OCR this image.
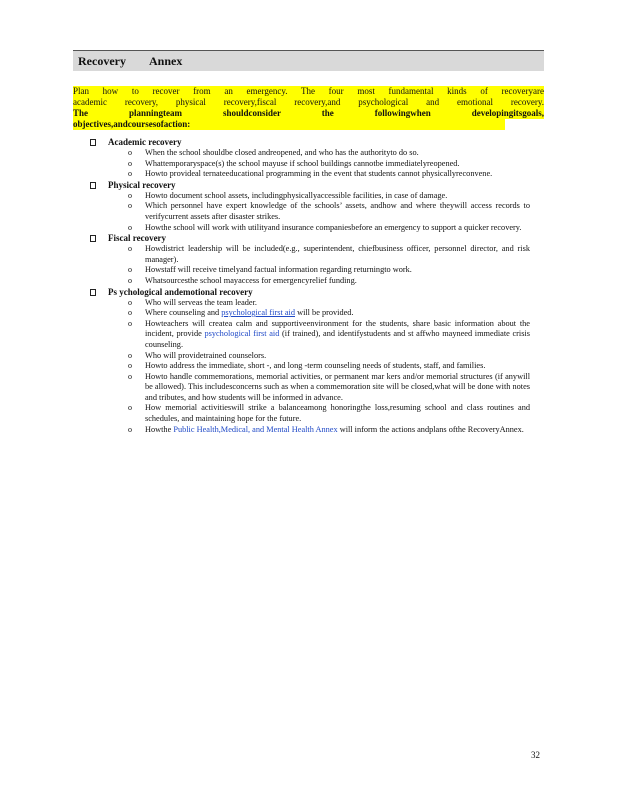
Recovery Annex
Plan how to recover from an emergency. The four most fundamental kinds of recoveryare
academic recovery, physical recovery,fiscal recovery,and psychological and emotional recovery.
The planningteam shouldconsider the followingwhen developingitsgoals,
objectives,andcoursesofaction:
Academic recovery
o When the school shouldbe closed andreopened, and who has the authorityto do so.
o Whattemporaryspace(s) the school mayuse if school buildings cannotbe immediatelyreopened.
o Howto provideal ternateeducational programming in the event that students cannot physicallyreconvene.
Physical recovery
o Howto document school assets, includingphysicallyaccessible facilities, in case of damage.
o Which personnel have expert knowledge of the schools’ assets, andhow and where theywill access records to verifycurrent assets after disaster strikes.
o Howthe school will work with utilityand insurance companiesbefore an emergency to support a quicker recovery.
Fiscal recovery
o Howdistrict leadership will be included(e.g., superintendent, chiefbusiness officer, personnel director, and risk manager).
o Howstaff will receive timelyand factual information regarding returningto work.
o Whatsourcesthe school mayaccess for emergencyrelief funding.
Ps ychological andemotional recovery
o Who will serveas the team leader.
o Where counseling and psychological first aid will be provided.
o Howteachers will createa calm and supportiveenvironment for the students, share basic information about the incident, provide psychological first aid (if trained), and identifystudents and st affwho mayneed immediate crisis counseling.
o Who will providetrained counselors.
o Howto address the immediate, short -, and long -term counseling needs of students, staff, and families.
o Howto handle commemorations, memorial activities, or permanent mar kers and/or memorial structures (if anywill be allowed). This includesconcerns such as when a commemoration site will be closed,what will be done with notes and tributes, and how students will be informed in advance.
o How memorial activitieswill strike a balanceamong honoringthe loss,resuming school and class routines and schedules, and maintaining hope for the future.
o Howthe Public Health,Medical, and Mental Health Annex will inform the actions andplans ofthe RecoveryAnnex.
32
